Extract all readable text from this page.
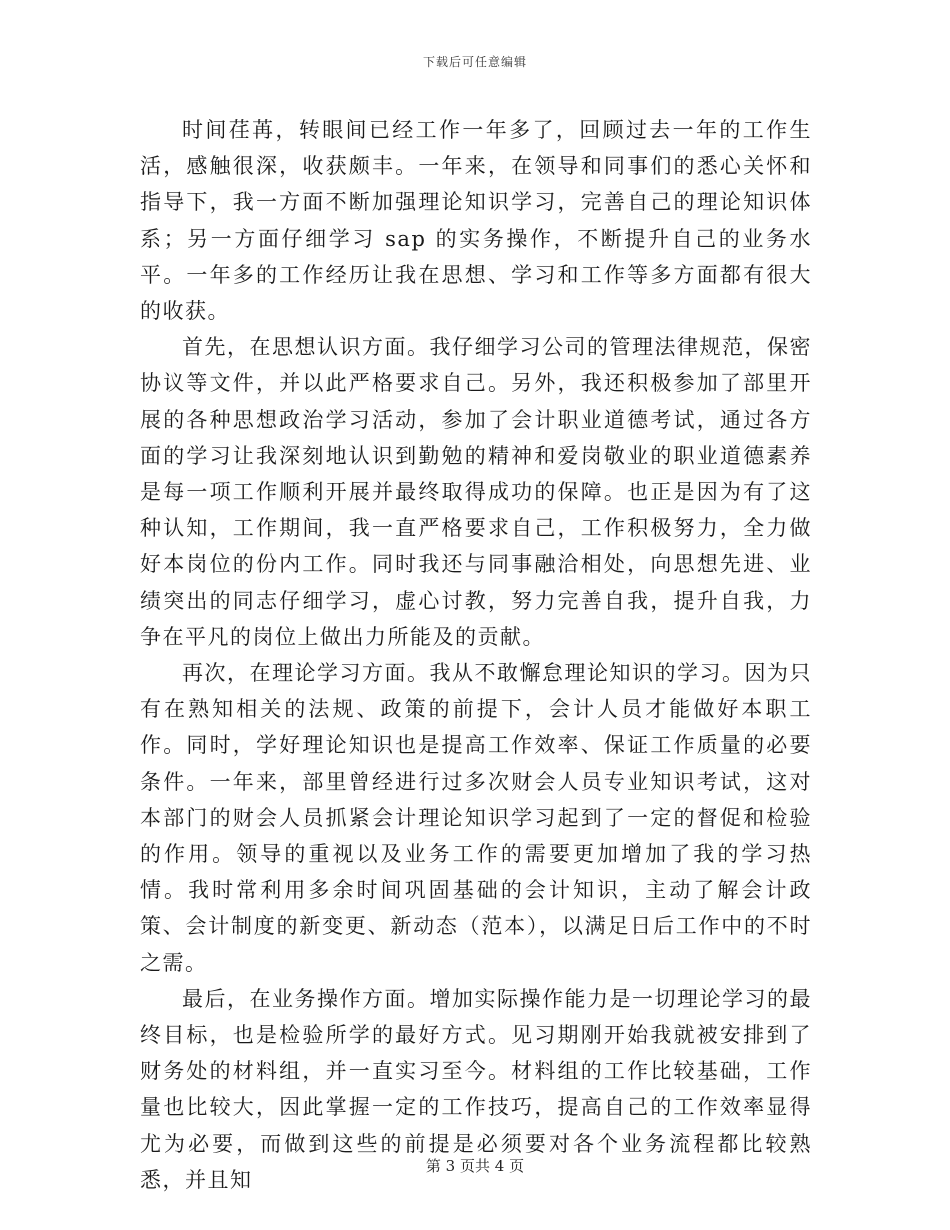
下载后可任意编辑

时间荏苒，转眼间已经工作一年多了，回顾过去一年的工作生活，感触很深，收获颇丰。一年来，在领导和同事们的悉心关怀和指导下，我一方面不断加强理论知识学习，完善自己的理论知识体系；另一方面仔细学习 sap 的实务操作，不断提升自己的业务水平。一年多的工作经历让我在思想、学习和工作等多方面都有很大的收获。

首先，在思想认识方面。我仔细学习公司的管理法律规范，保密协议等文件，并以此严格要求自己。另外，我还积极参加了部里开展的各种思想政治学习活动，参加了会计职业道德考试，通过各方面的学习让我深刻地认识到勤勉的精神和爱岗敬业的职业道德素养是每一项工作顺利开展并最终取得成功的保障。也正是因为有了这种认知，工作期间，我一直严格要求自己，工作积极努力，全力做好本岗位的份内工作。同时我还与同事融洽相处，向思想先进、业绩突出的同志仔细学习，虚心讨教，努力完善自我，提升自我，力争在平凡的岗位上做出力所能及的贡献。

再次，在理论学习方面。我从不敢懈怠理论知识的学习。因为只有在熟知相关的法规、政策的前提下，会计人员才能做好本职工作。同时，学好理论知识也是提高工作效率、保证工作质量的必要条件。一年来，部里曾经进行过多次财会人员专业知识考试，这对本部门的财会人员抓紧会计理论知识学习起到了一定的督促和检验的作用。领导的重视以及业务工作的需要更加增加了我的学习热情。我时常利用多余时间巩固基础的会计知识，主动了解会计政策、会计制度的新变更、新动态（范本），以满足日后工作中的不时之需。

最后，在业务操作方面。增加实际操作能力是一切理论学习的最终目标，也是检验所学的最好方式。见习期刚开始我就被安排到了财务处的材料组，并一直实习至今。材料组的工作比较基础，工作量也比较大，因此掌握一定的工作技巧，提高自己的工作效率显得尤为必要，而做到这些的前提是必须要对各个业务流程都比较熟悉，并且知

第 3 页共 4 页
